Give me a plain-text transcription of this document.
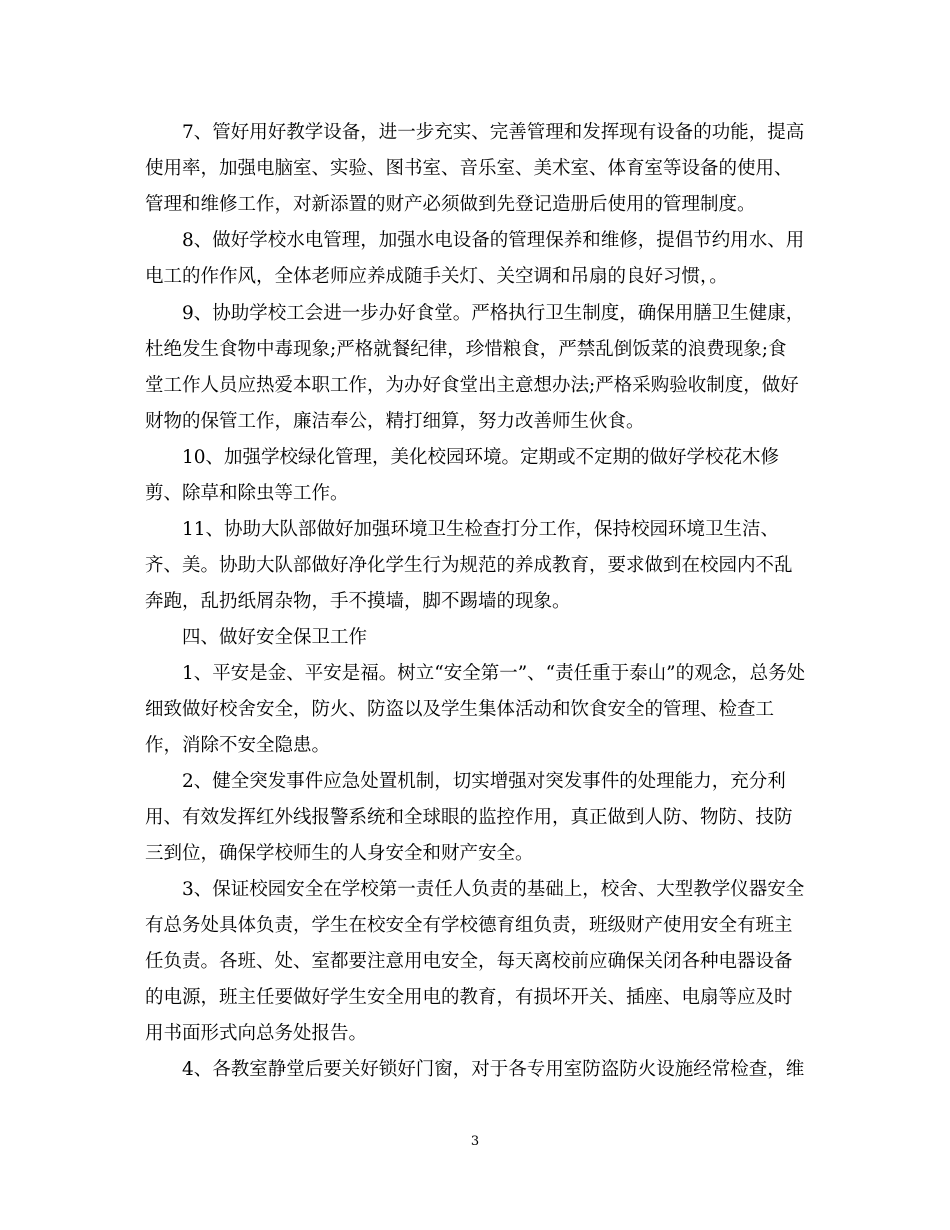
7、管好用好教学设备，进一步充实、完善管理和发挥现有设备的功能，提高
使用率，加强电脑室、实验、图书室、音乐室、美术室、体育室等设备的使用、
管理和维修工作，对新添置的财产必须做到先登记造册后使用的管理制度。
8、做好学校水电管理，加强水电设备的管理保养和维修，提倡节约用水、用
电工的作作风，全体老师应养成随手关灯、关空调和吊扇的良好习惯，。
9、协助学校工会进一步办好食堂。严格执行卫生制度，确保用膳卫生健康，
杜绝发生食物中毒现象;严格就餐纪律，珍惜粮食，严禁乱倒饭菜的浪费现象;食
堂工作人员应热爱本职工作，为办好食堂出主意想办法;严格采购验收制度，做好
财物的保管工作，廉洁奉公，精打细算，努力改善师生伙食。
10、加强学校绿化管理，美化校园环境。定期或不定期的做好学校花木修
剪、除草和除虫等工作。
11、协助大队部做好加强环境卫生检查打分工作，保持校园环境卫生洁、
齐、美。协助大队部做好净化学生行为规范的养成教育，要求做到在校园内不乱
奔跑，乱扔纸屑杂物，手不摸墙，脚不踢墙的现象。
四、做好安全保卫工作
1、平安是金、平安是福。树立“安全第一”、“责任重于泰山”的观念，总务处
细致做好校舍安全，防火、防盗以及学生集体活动和饮食安全的管理、检查工
作，消除不安全隐患。
2、健全突发事件应急处置机制，切实增强对突发事件的处理能力，充分利
用、有效发挥红外线报警系统和全球眼的监控作用，真正做到人防、物防、技防
三到位，确保学校师生的人身安全和财产安全。
3、保证校园安全在学校第一责任人负责的基础上，校舍、大型教学仪器安全
有总务处具体负责，学生在校安全有学校德育组负责，班级财产使用安全有班主
任负责。各班、处、室都要注意用电安全，每天离校前应确保关闭各种电器设备
的电源，班主任要做好学生安全用电的教育，有损坏开关、插座、电扇等应及时
用书面形式向总务处报告。
4、各教室静堂后要关好锁好门窗，对于各专用室防盗防火设施经常检查，维
3
